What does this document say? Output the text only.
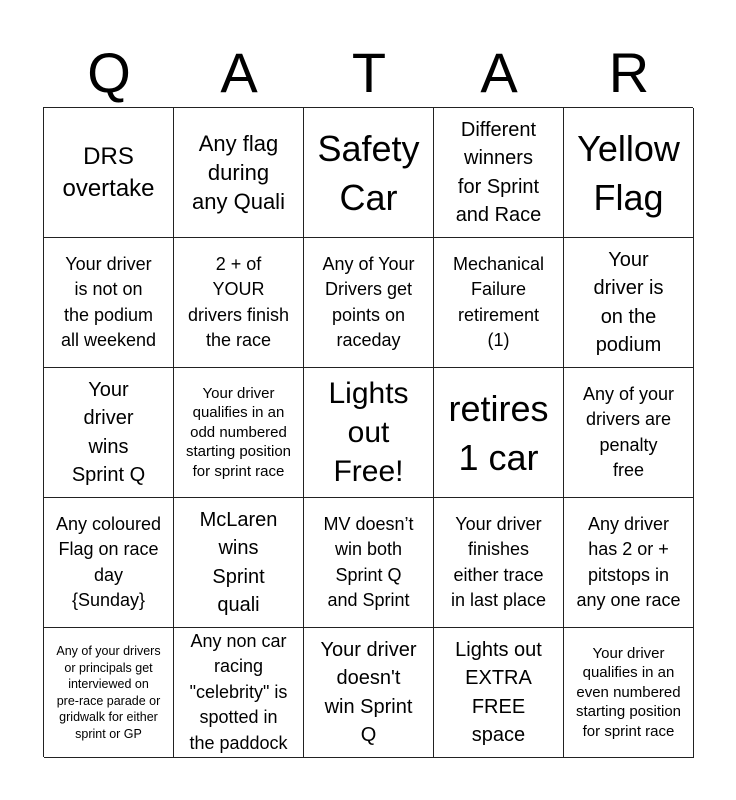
Q	A	T	A	R
DRS
overtake
Any flag
during
any Quali
Safety
Car
Different
winners
for Sprint
and Race
Yellow
Flag
Your driver
is not on
the podium
all weekend
2 + of
YOUR
drivers finish
the race
Any of Your
Drivers get
points on
raceday
Mechanical
Failure
retirement
(1)
Your
driver is
on the
podium
Your
driver
wins
Sprint Q
Your driver
qualifies in an
odd numbered
starting position
for sprint race
Lights
out
Free!
retires
1 car
Any of your
drivers are
penalty
free
Any coloured
Flag on race
day
{Sunday}
McLaren
wins
Sprint
quali
MV doesn’t
win both
Sprint Q
and Sprint
Your driver
finishes
either trace
in last place
Any driver
has 2 or +
pitstops in
any one race
Any of your drivers
or principals get
interviewed on
pre-race parade or
gridwalk for either
sprint or GP
Any non car
racing
"celebrity" is
spotted in
the paddock
Your driver
doesn't
win Sprint
Q
Lights out
EXTRA
FREE
space
Your driver
qualifies in an
even numbered
starting position
for sprint race
